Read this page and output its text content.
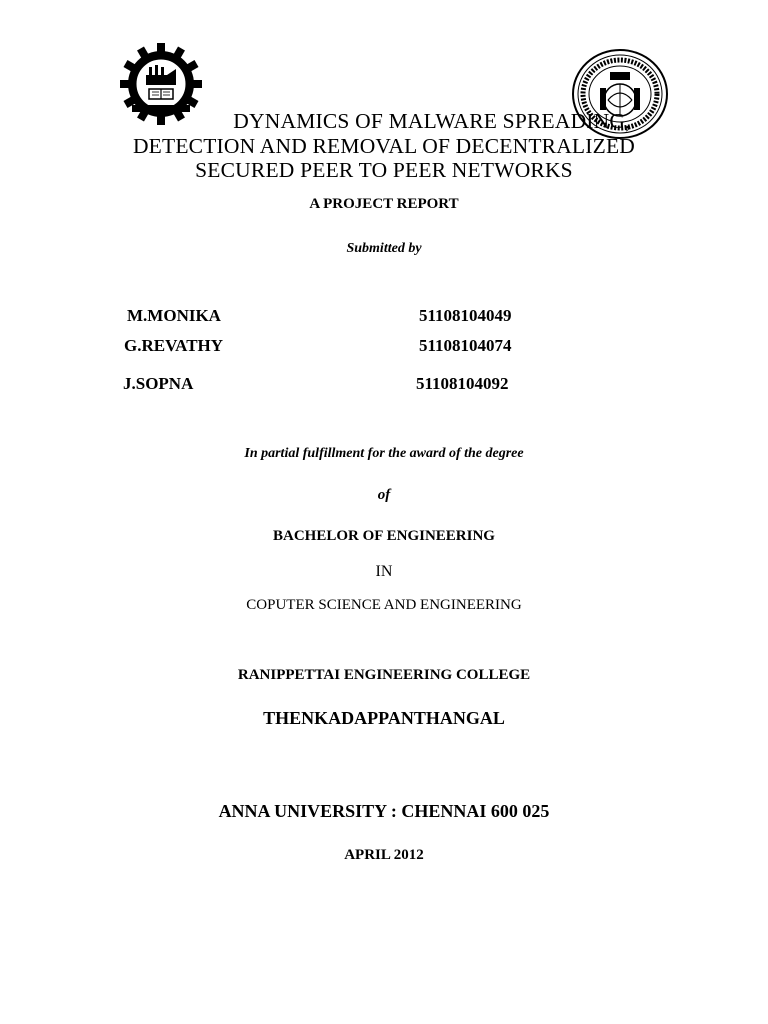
DYNAMICS OF MALWARE SPREADING,
DETECTION AND REMOVAL OF DECENTRALIZED
SECURED PEER TO PEER NETWORKS
A PROJECT REPORT
Submitted by
M.MONIKA	51108104049
G.REVATHY	51108104074
J.SOPNA	51108104092
In partial fulfillment for the award of the degree
of
BACHELOR OF ENGINEERING
IN
COPUTER SCIENCE AND ENGINEERING
RANIPPETTAI ENGINEERING COLLEGE
THENKADAPPANTHANGAL
ANNA UNIVERSITY : CHENNAI 600 025
APRIL 2012
